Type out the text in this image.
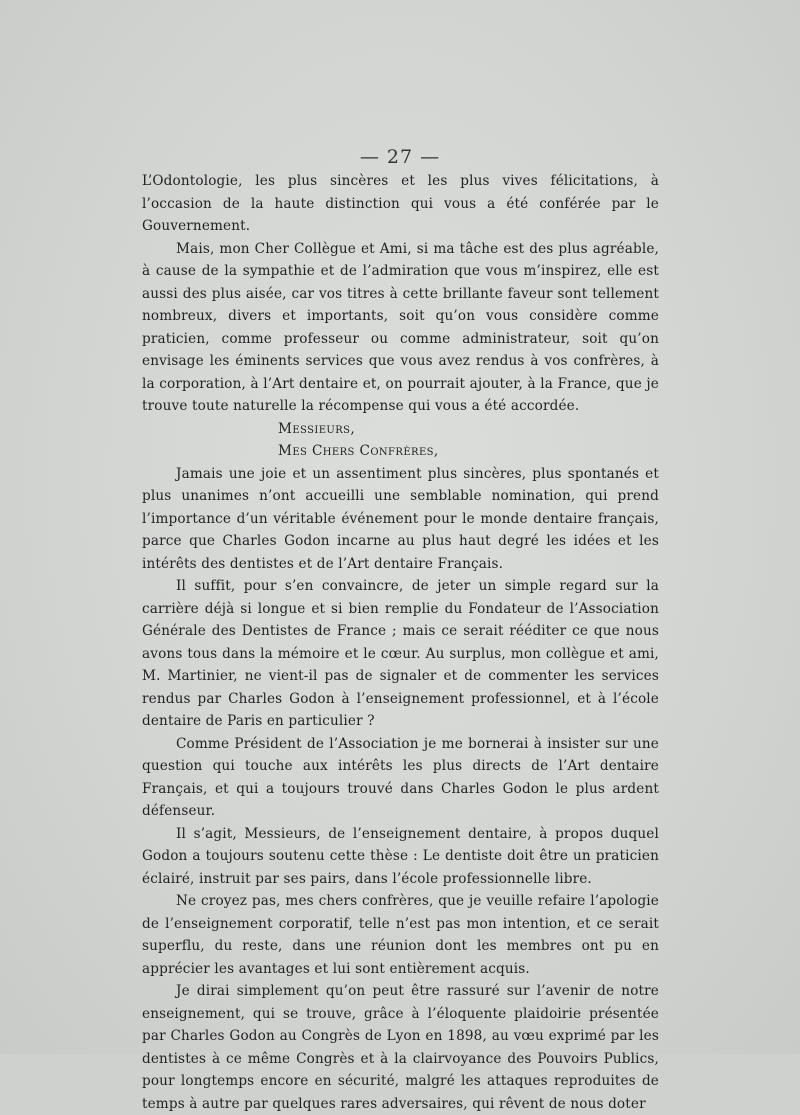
— 27 —

L’Odontologie, les plus sincères et les plus vives félicitations, à l’occasion de la haute distinction qui vous a été conférée par le Gouvernement.

Mais, mon Cher Collègue et Ami, si ma tâche est des plus agréable, à cause de la sympathie et de l’admiration que vous m’inspirez, elle est aussi des plus aisée, car vos titres à cette brillante faveur sont tellement nombreux, divers et importants, soit qu’on vous considère comme praticien, comme professeur ou comme administrateur, soit qu’on envisage les éminents services que vous avez rendus à vos confrères, à la corporation, à l’Art dentaire et, on pourrait ajouter, à la France, que je trouve toute naturelle la récompense qui vous a été accordée.

Messieurs,

Mes Chers Confrères,

Jamais une joie et un assentiment plus sincères, plus spontanés et plus unanimes n’ont accueilli une semblable nomination, qui prend l’importance d’un véritable événement pour le monde dentaire français, parce que Charles Godon incarne au plus haut degré les idées et les intérêts des dentistes et de l’Art dentaire Français.

Il suffit, pour s’en convaincre, de jeter un simple regard sur la carrière déjà si longue et si bien remplie du Fondateur de l’Association Générale des Dentistes de France ; mais ce serait rééditer ce que nous avons tous dans la mémoire et le cœur. Au surplus, mon collègue et ami, M. Martinier, ne vient-il pas de signaler et de commenter les services rendus par Charles Godon à l’enseignement professionnel, et à l’école dentaire de Paris en particulier ?

Comme Président de l’Association je me bornerai à insister sur une question qui touche aux intérêts les plus directs de l’Art dentaire Français, et qui a toujours trouvé dans Charles Godon le plus ardent défenseur.

Il s’agit, Messieurs, de l’enseignement dentaire, à propos duquel Godon a toujours soutenu cette thèse : Le dentiste doit être un praticien éclairé, instruit par ses pairs, dans l’école professionnelle libre.

Ne croyez pas, mes chers confrères, que je veuille refaire l’apologie de l’enseignement corporatif, telle n’est pas mon intention, et ce serait superflu, du reste, dans une réunion dont les membres ont pu en apprécier les avantages et lui sont entièrement acquis.

Je dirai simplement qu’on peut être rassuré sur l’avenir de notre enseignement, qui se trouve, grâce à l’éloquente plaidoirie présentée par Charles Godon au Congrès de Lyon en 1898, au vœu exprimé par les dentistes à ce même Congrès et à la clairvoyance des Pouvoirs Publics, pour longtemps encore en sécurité, malgré les attaques reproduites de temps à autre par quelques rares adversaires, qui rêvent de nous doter
